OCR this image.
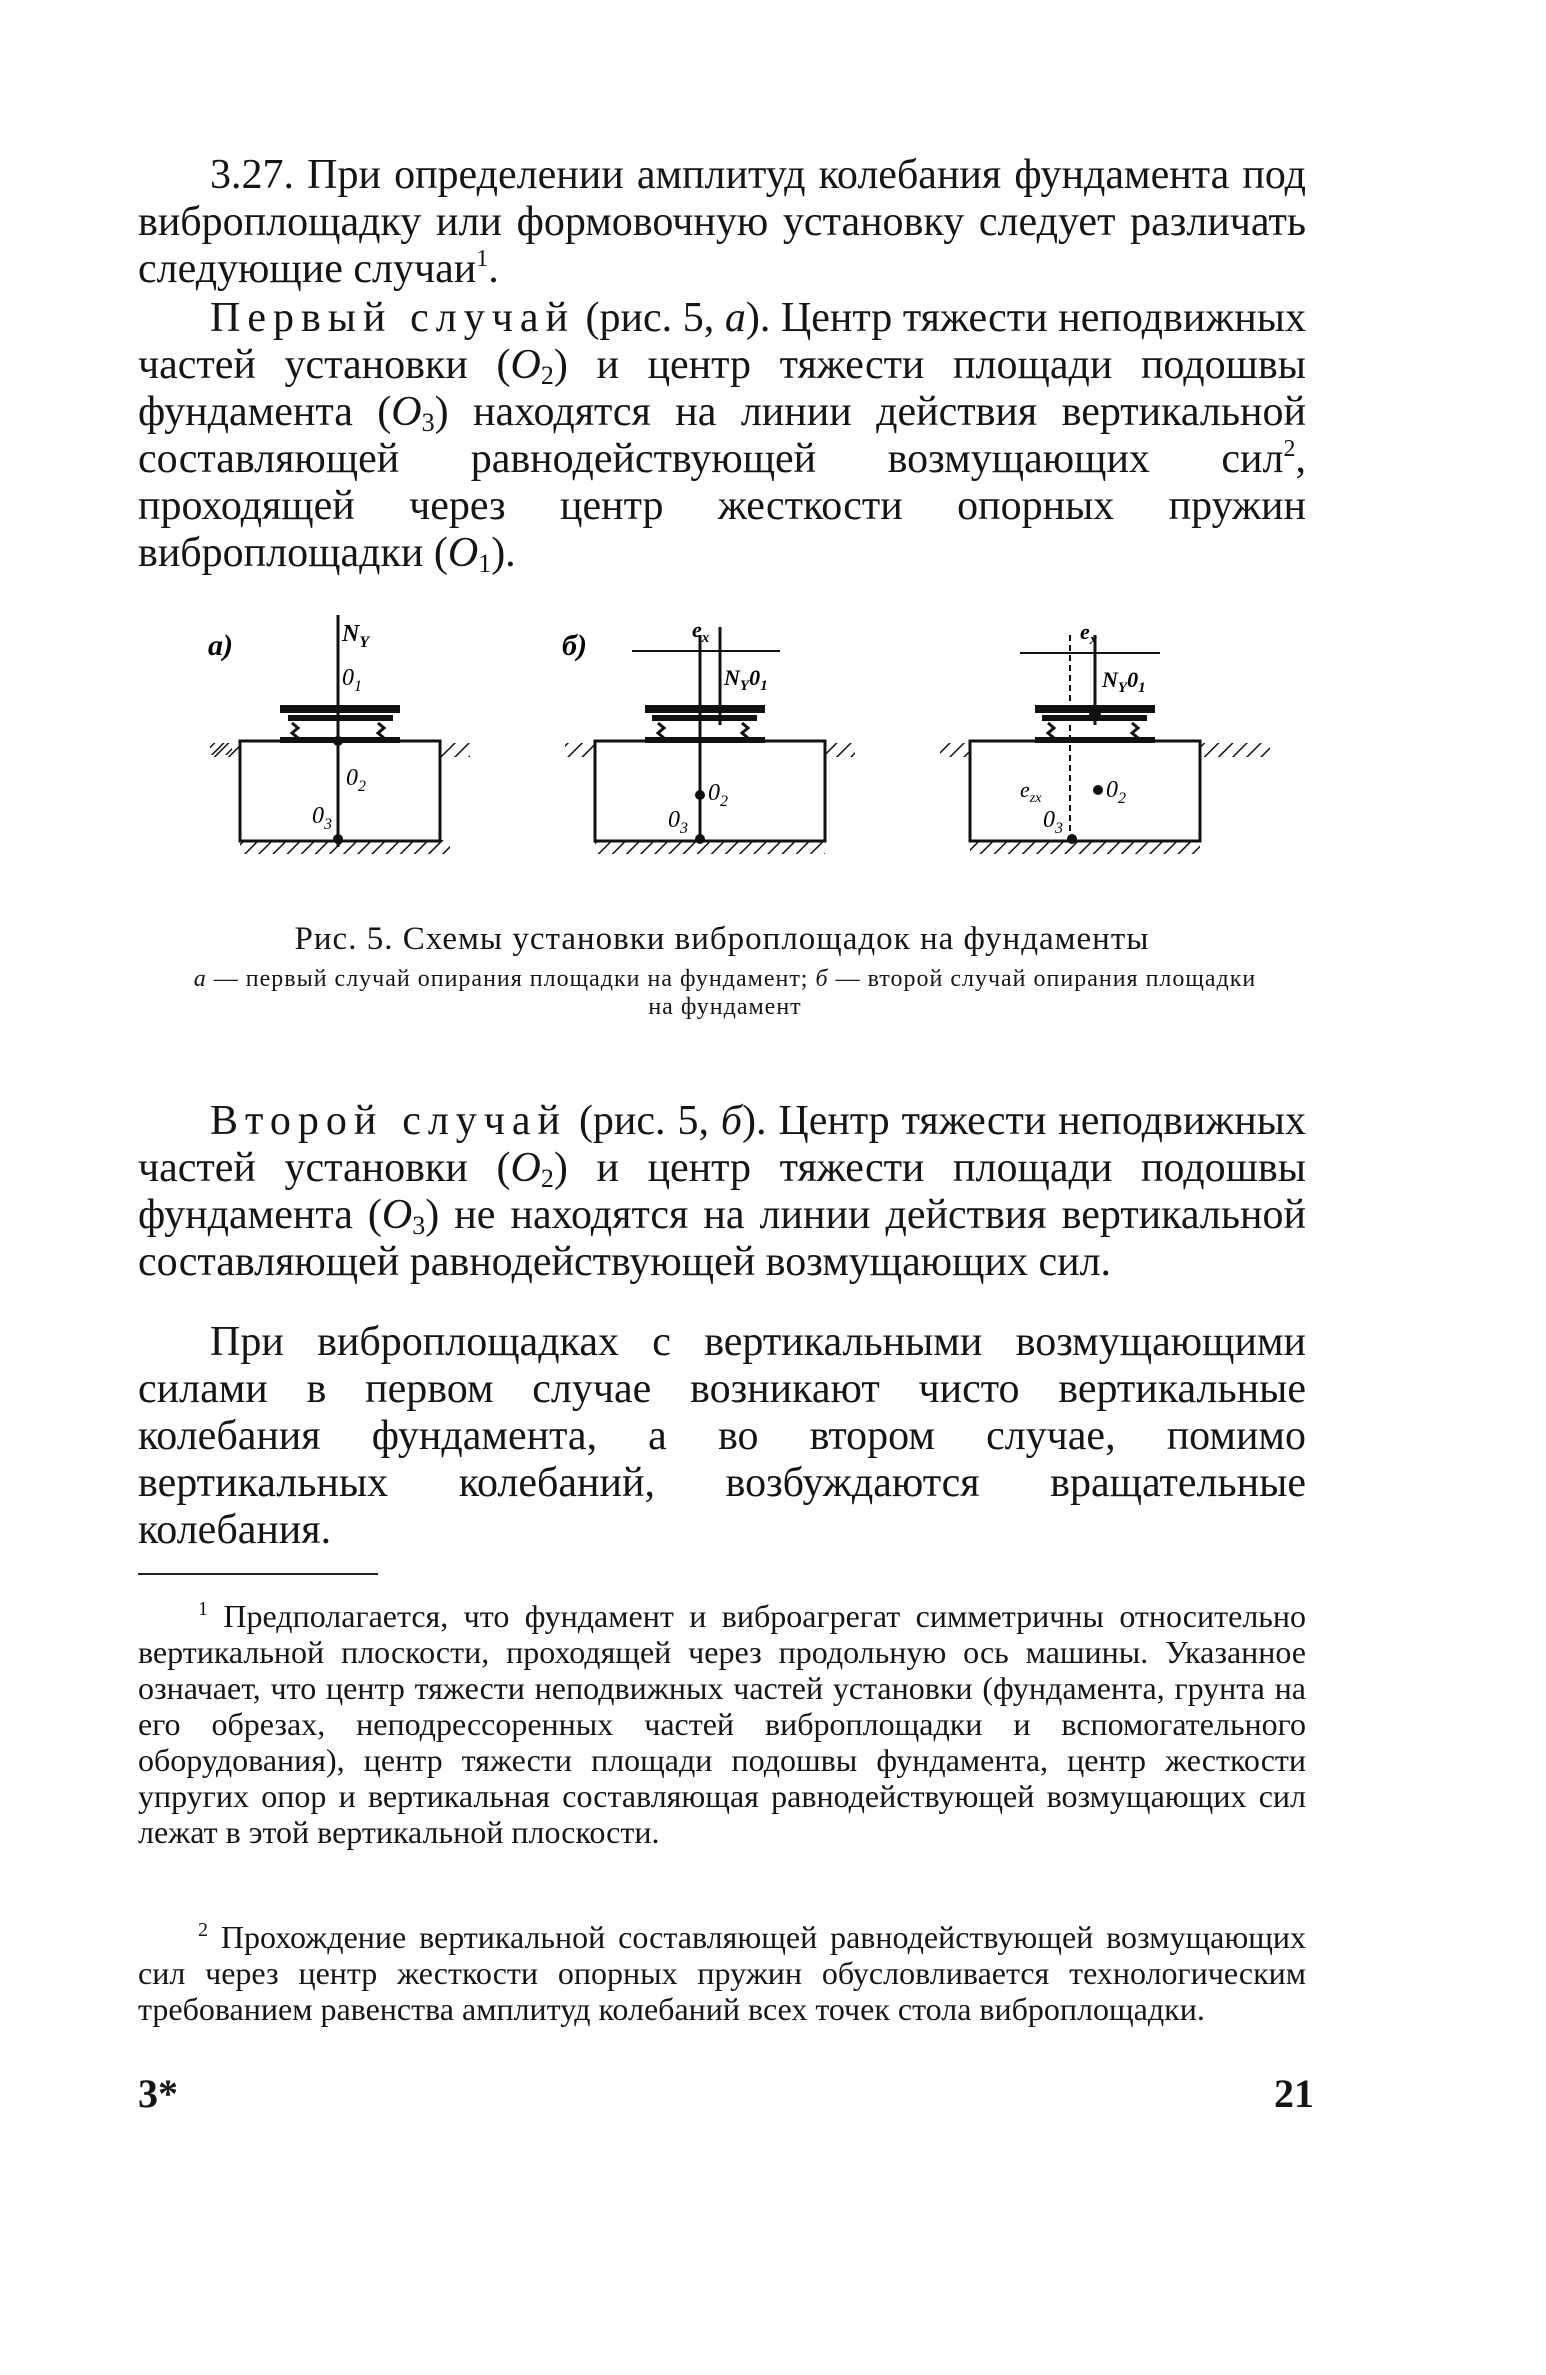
3.27. При определении амплитуд колебания фундамента под виброплощадку или формовочную установку следует различать следующие случаи$^1$.

Первый случай (рис. 5, а). Центр тяжести неподвижных частей установки $(O_2)$ и центр тяжести площади подошвы фундамента $(O_3)$ находятся на линии действия вертикальной составляющей равнодействующей возмущающих сил$^2$, проходящей через центр жесткости опорных пружин виброплощадки $(O_1)$.

а)	$N_Y$
$0_1$
$0_2$
$0_3$
б)	$e_x$
$N_Y0_1$
$0_2$
$0_3$
$e_x$
$N_Y0_1$
$e_{zx}$	$0_2$
$0_3$
Рис. 5. Схемы установки виброплощадок на фундаменты
а — первый случай опирания площадки на фундамент; б — второй случай опирания площадки на фундамент

Второй случай (рис. 5, б). Центр тяжести неподвижных частей установки $(O_2)$ и центр тяжести площади подошвы фундамента $(O_3)$ не находятся на линии действия вертикальной составляющей равнодействующей возмущающих сил.

При виброплощадках с вертикальными возмущающими силами в первом случае возникают чисто вертикальные колебания фундамента, а во втором случае, помимо вертикальных колебаний, возбуждаются вращательные колебания.

$^1$ Предполагается, что фундамент и виброагрегат симметричны относительно вертикальной плоскости, проходящей через продольную ось машины. Указанное означает, что центр тяжести неподвижных частей установки (фундамента, грунта на его обрезах, неподрессоренных частей виброплощадки и вспомогательного оборудования), центр тяжести площади подошвы фундамента, центр жесткости упругих опор и вертикальная составляющая равнодействующей возмущающих сил лежат в этой вертикальной плоскости.

$^2$ Прохождение вертикальной составляющей равнодействующей возмущающих сил через центр жесткости опорных пружин обусловливается технологическим требованием равенства амплитуд колебаний всех точек стола виброплощадки.

3*	21
